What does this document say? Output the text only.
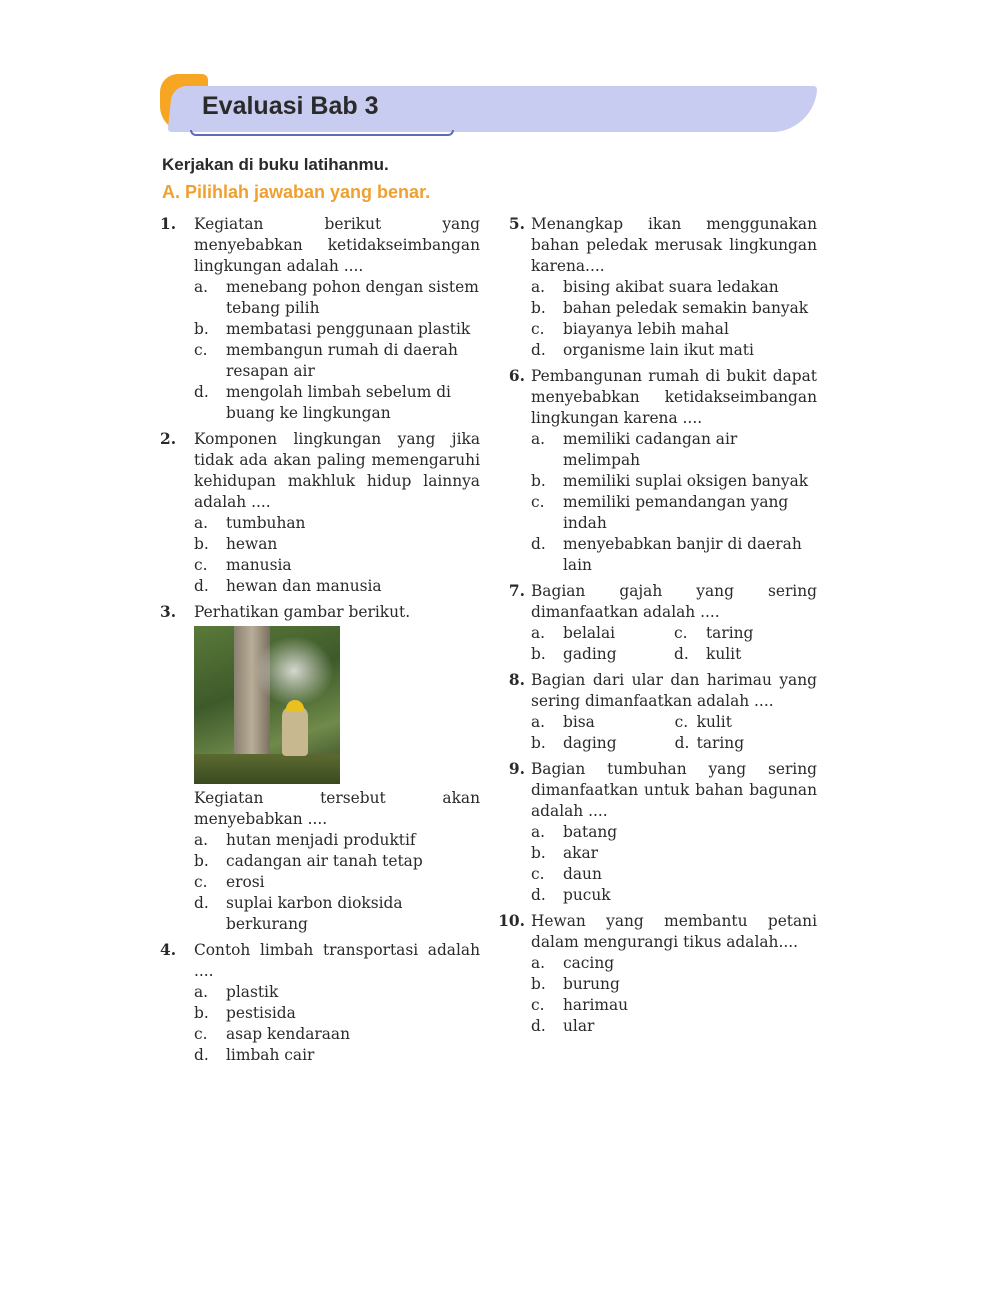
Evaluasi Bab 3
Kerjakan di buku latihanmu.
A. Pilihlah jawaban yang benar.
1.	Kegiatan berikut yang menyebabkan ketidakseimbangan lingkungan adalah ....
a. menebang pohon dengan sistem tebang pilih
b. membatasi penggunaan plastik
c. membangun rumah di daerah resapan air
d. mengolah limbah sebelum di buang ke lingkungan
2.	Komponen lingkungan yang jika tidak ada akan paling memengaruhi kehidupan makhluk hidup lainnya adalah ....
a. tumbuhan
b. hewan
c. manusia
d. hewan dan manusia
3.	Perhatikan gambar berikut.
Kegiatan tersebut akan menyebabkan ....
a. hutan menjadi produktif
b. cadangan air tanah tetap
c. erosi
d. suplai karbon dioksida berkurang
4.	Contoh limbah transportasi adalah ....
a. plastik
b. pestisida
c. asap kendaraan
d. limbah cair
5. Menangkap ikan menggunakan bahan peledak merusak lingkungan karena....
a. bising akibat suara ledakan
b. bahan peledak semakin banyak
c. biayanya lebih mahal
d. organisme lain ikut mati
6. Pembangunan rumah di bukit dapat menyebabkan ketidakseimbangan lingkungan karena ....
a. memiliki cadangan air melimpah
b. memiliki suplai oksigen banyak
c. memiliki pemandangan yang indah
d. menyebabkan banjir di daerah lain
7. Bagian gajah yang sering dimanfaatkan adalah ....
a. belalai	c. taring
b. gading	d. kulit
8. Bagian dari ular dan harimau yang sering dimanfaatkan adalah ....
a. bisa	c. kulit
b. daging	d. taring
9. Bagian tumbuhan yang sering dimanfaatkan untuk bahan bagunan adalah ....
a. batang
b. akar
c. daun
d. pucuk
10. Hewan yang membantu petani dalam mengurangi tikus adalah....
a. cacing
b. burung
c. harimau
d. ular
